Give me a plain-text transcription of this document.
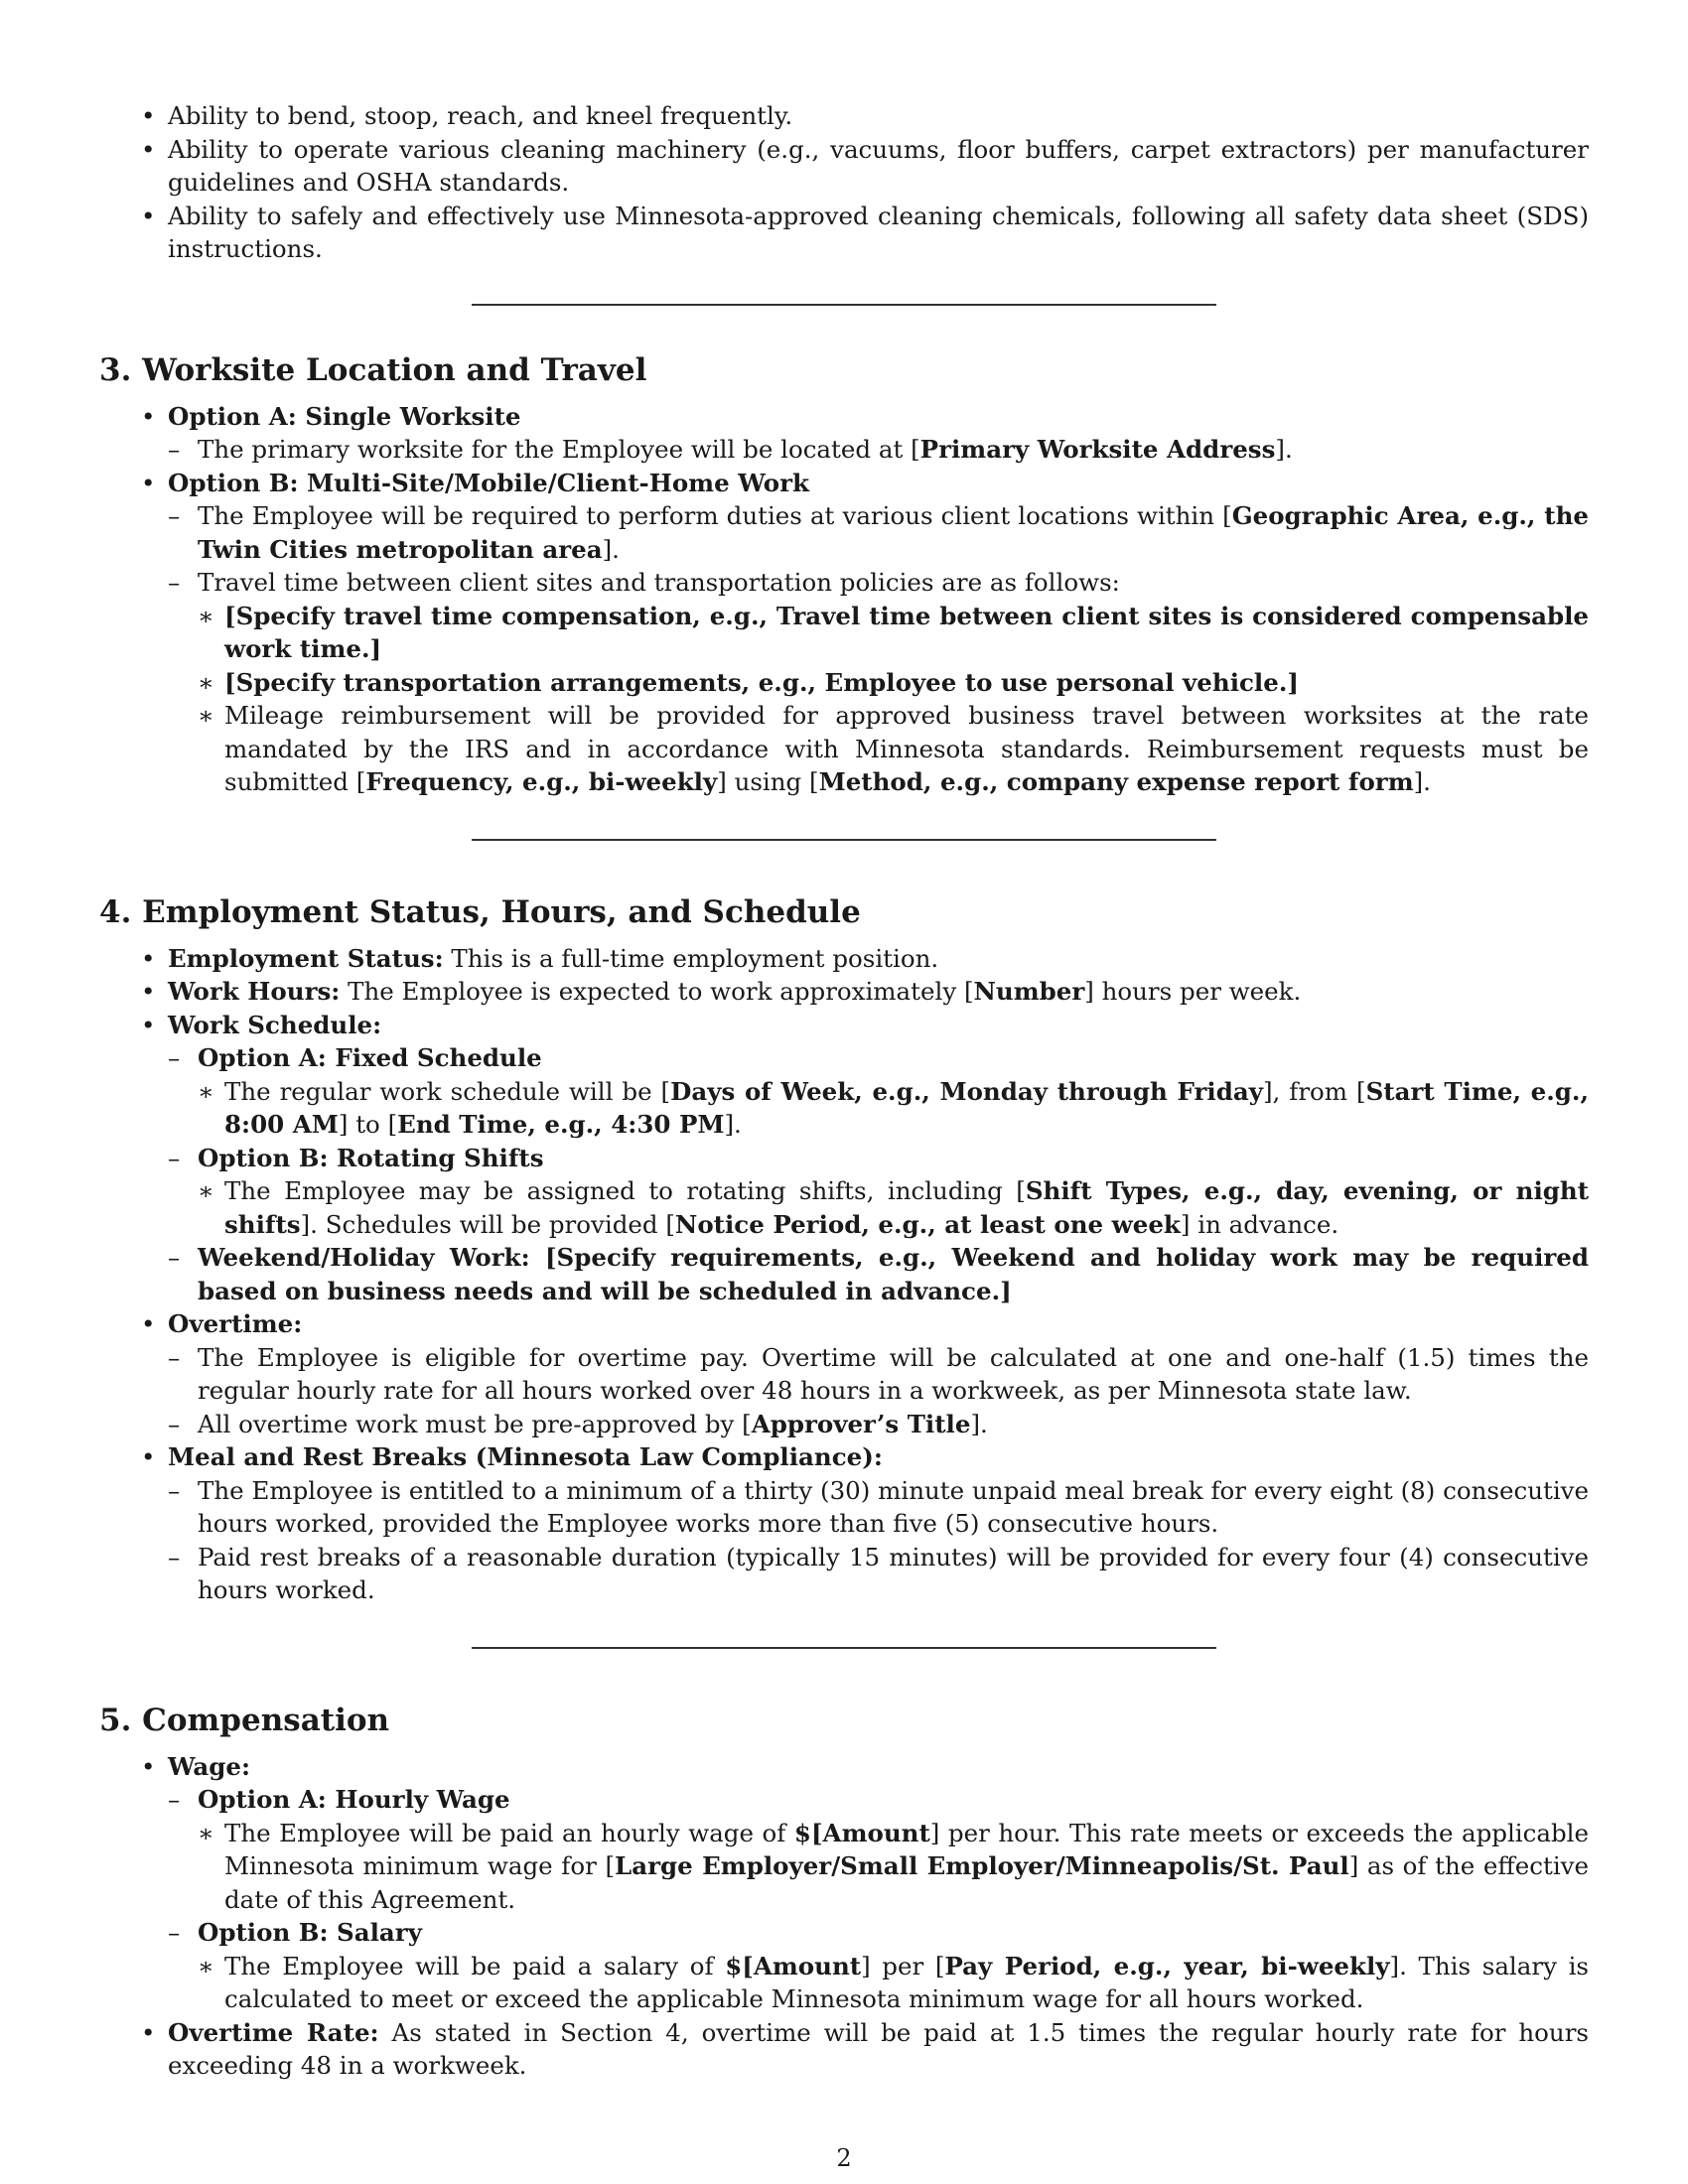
• Ability to bend, stoop, reach, and kneel frequently.
• Ability to operate various cleaning machinery (e.g., vacuums, floor buffers, carpet extractors) per manufacturer guidelines and OSHA standards.
• Ability to safely and effectively use Minnesota-approved cleaning chemicals, following all safety data sheet (SDS) instructions.
3. Worksite Location and Travel
• Option A: Single Worksite
– The primary worksite for the Employee will be located at [Primary Worksite Address].
• Option B: Multi-Site/Mobile/Client-Home Work
– The Employee will be required to perform duties at various client locations within [Geographic Area, e.g., the Twin Cities metropolitan area].
– Travel time between client sites and transportation policies are as follows:
∗ [Specify travel time compensation, e.g., Travel time between client sites is considered compensable work time.]
∗ [Specify transportation arrangements, e.g., Employee to use personal vehicle.]
∗ Mileage reimbursement will be provided for approved business travel between worksites at the rate mandated by the IRS and in accordance with Minnesota standards. Reimbursement requests must be submitted [Frequency, e.g., bi-weekly] using [Method, e.g., company expense report form].
4. Employment Status, Hours, and Schedule
• Employment Status: This is a full-time employment position.
• Work Hours: The Employee is expected to work approximately [Number] hours per week.
• Work Schedule:
– Option A: Fixed Schedule
∗ The regular work schedule will be [Days of Week, e.g., Monday through Friday], from [Start Time, e.g., 8:00 AM] to [End Time, e.g., 4:30 PM].
– Option B: Rotating Shifts
∗ The Employee may be assigned to rotating shifts, including [Shift Types, e.g., day, evening, or night shifts]. Schedules will be provided [Notice Period, e.g., at least one week] in advance.
– Weekend/Holiday Work: [Specify requirements, e.g., Weekend and holiday work may be required based on business needs and will be scheduled in advance.]
• Overtime:
– The Employee is eligible for overtime pay. Overtime will be calculated at one and one-half (1.5) times the regular hourly rate for all hours worked over 48 hours in a workweek, as per Minnesota state law.
– All overtime work must be pre-approved by [Approver’s Title].
• Meal and Rest Breaks (Minnesota Law Compliance):
– The Employee is entitled to a minimum of a thirty (30) minute unpaid meal break for every eight (8) consecutive hours worked, provided the Employee works more than five (5) consecutive hours.
– Paid rest breaks of a reasonable duration (typically 15 minutes) will be provided for every four (4) consecutive hours worked.
5. Compensation
• Wage:
– Option A: Hourly Wage
∗ The Employee will be paid an hourly wage of $[Amount] per hour. This rate meets or exceeds the applicable Minnesota minimum wage for [Large Employer/Small Employer/Minneapolis/St. Paul] as of the effective date of this Agreement.
– Option B: Salary
∗ The Employee will be paid a salary of $[Amount] per [Pay Period, e.g., year, bi-weekly]. This salary is calculated to meet or exceed the applicable Minnesota minimum wage for all hours worked.
• Overtime Rate: As stated in Section 4, overtime will be paid at 1.5 times the regular hourly rate for hours exceeding 48 in a workweek.
2
